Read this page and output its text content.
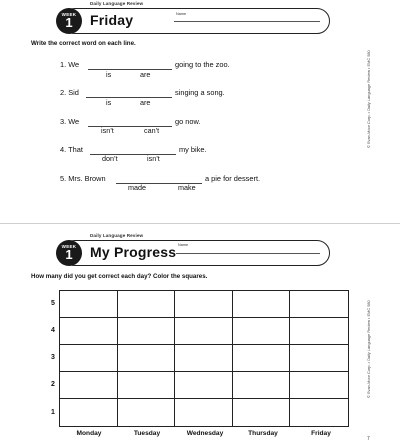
Daily Language Review
WEEK
1	Friday	Name
Write the correct word on each line.
1. We	going to the zoo.
is	are
2. Sid	singing a song.
is	are
3. We	go now.
isn’t	can’t
4. That	my bike.
don’t	isn’t
5. Mrs. Brown	a pie for dessert.
made	make
© Evan-Moor Corp. • Daily Language Review • EMC 580
Daily Language Review
WEEK
1	My Progress Name
How many did you get correct each day? Color the squares.
5
4
3
2
1
Monday	Tuesday	Wednesday	Thursday	Friday
© Evan-Moor Corp. • Daily Language Review • EMC 580
7
